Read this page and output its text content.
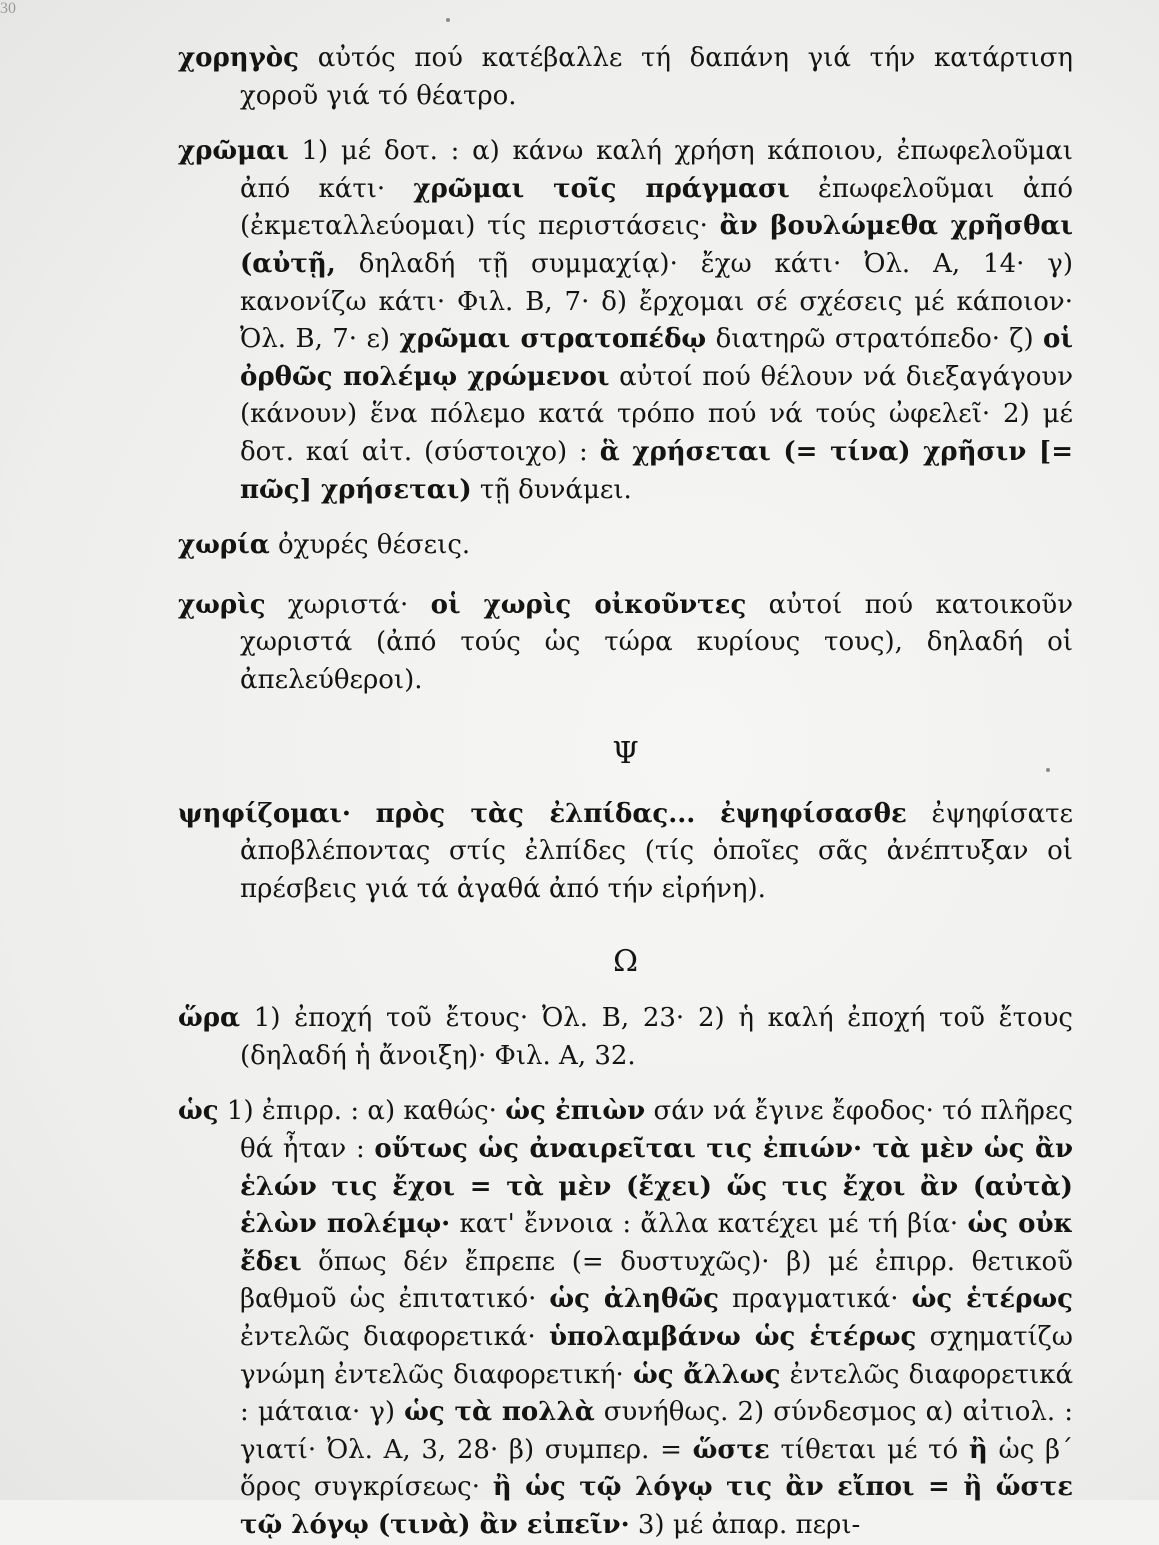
30

χορηγὸς αὐτός πού κατέβαλλε τή δαπάνη γιά τήν κατάρτιση χοροῦ γιά τό θέατρο.

χρῶμαι 1) μέ δοτ. : α) κάνω καλή χρήση κάποιου, ἐπωφελοῦμαι ἀπό κάτι· χρῶμαι τοῖς πράγμασι ἐπωφελοῦμαι ἀπό (ἐκμεταλλεύομαι) τίς περιστάσεις· ἂν βουλώμεθα χρῆσθαι (αὐτῇ, δηλαδή τῇ συμμαχίᾳ)· ἔχω κάτι· Ὀλ. Α, 14· γ) κανονίζω κάτι· Φιλ. Β, 7· δ) ἔρχομαι σέ σχέσεις μέ κάποιον· Ὀλ. Β, 7· ε) χρῶμαι στρατοπέδῳ διατηρῶ στρατόπεδο· ζ) οἱ ὀρθῶς πολέμῳ χρώμενοι αὐτοί πού θέλουν νά διεξαγάγουν (κάνουν) ἕνα πόλεμο κατά τρόπο πού νά τούς ὠφελεῖ· 2) μέ δοτ. καί αἰτ. (σύστοιχο) : ἃ χρήσεται (= τίνα) χρῆσιν [= πῶς] χρήσεται) τῇ δυνάμει.

χωρία ὀχυρές θέσεις.

χωρὶς χωριστά· οἱ χωρὶς οἰκοῦντες αὐτοί πού κατοικοῦν χωριστά (ἀπό τούς ὡς τώρα κυρίους τους), δηλαδή οἱ ἀπελεύθεροι).

Ψ

ψηφίζομαι· πρὸς τὰς ἐλπίδας... ἐψηφίσασθε ἐψηφίσατε ἀποβλέποντας στίς ἐλπίδες (τίς ὁποῖες σᾶς ἀνέπτυξαν οἱ πρέσβεις γιά τά ἀγαθά ἀπό τήν εἰρήνη).

Ω

ὥρα 1) ἐποχή τοῦ ἔτους· Ὀλ. Β, 23· 2) ἡ καλή ἐποχή τοῦ ἔτους (δηλαδή ἡ ἄνοιξη)· Φιλ. Α, 32.

ὡς 1) ἐπιρρ. : α) καθώς· ὡς ἐπιὼν σάν νά ἔγινε ἔφοδος· τό πλῆρες θά ἦταν : οὕτως ὡς ἀναιρεῖται τις ἐπιών· τὰ μὲν ὡς ἂν ἑλών τις ἔχοι = τὰ μὲν (ἔχει) ὥς τις ἔχοι ἂν (αὐτὰ) ἑλὼν πολέμῳ· κατ' ἔννοια : ἄλλα κατέχει μέ τή βία· ὡς οὐκ ἔδει ὅπως δέν ἔπρεπε (= δυστυχῶς)· β) μέ ἐπιρρ. θετικοῦ βαθμοῦ ὡς ἐπιτατικό· ὡς ἀληθῶς πραγματικά· ὡς ἑτέρως ἐντελῶς διαφορετικά· ὑπολαμβάνω ὡς ἑτέρως σχηματίζω γνώμη ἐντελῶς διαφορετική· ὡς ἄλλως ἐντελῶς διαφορετικά : μάταια· γ) ὡς τὰ πολλὰ συνήθως. 2) σύνδεσμος α) αἰτιολ. : γιατί· Ὀλ. Α, 3, 28· β) συμπερ. = ὥστε τίθεται μέ τό ἢ ὡς β΄ ὅρος συγκρίσεως· ἢ ὡς τῷ λόγῳ τις ἂν εἴποι = ἢ ὥστε τῷ λόγῳ (τινὰ) ἂν εἰπεῖν· 3) μέ ἀπαρ. περι-
